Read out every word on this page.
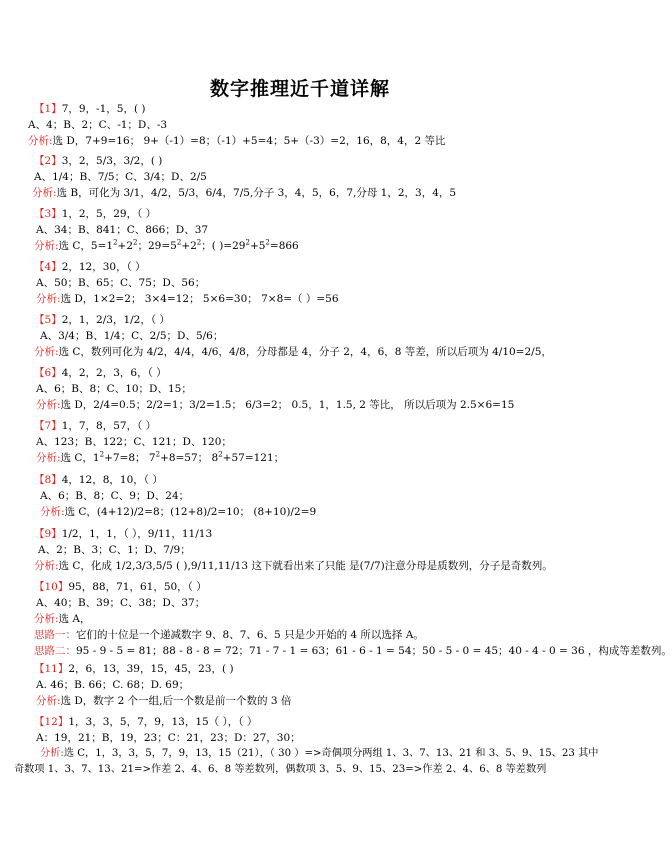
数字推理近千道详解
【1】7，9，-1，5，( )
A、4；B、2；C、-1；D、-3
分析:选 D，7+9=16； 9+（-1）=8；（-1）+5=4；5+（-3）=2，16，8，4，2 等比
【2】3，2，5/3，3/2，( )
A、1/4；B、7/5；C、3/4；D、2/5
分析:选 B，可化为 3/1，4/2，5/3，6/4，7/5,分子 3，4，5，6，7,分母 1，2，3，4，5
【3】1，2，5，29，（ ）
A、34；B、841；C、866；D、37
分析:选 C，$5=1^2+2^2$；$29=5^2+2^2$；( )$=29^2+5^2=866$
【4】2，12，30，（ ）
A、50；B、65；C、75；D、56；
分析:选 D，1×2=2； 3×4=12； 5×6=30； 7×8=（ ）=56
【5】2，1，2/3，1/2，（ ）
A、3/4；B、1/4；C、2/5；D、5/6；
分析:选 C，数列可化为 4/2，4/4，4/6，4/8，分母都是 4，分子 2，4，6，8 等差，所以后项为 4/10=2/5，
【6】4，2，2，3，6，（ ）
A、6；B、8；C、10；D、15；
分析:选 D，2/4=0.5；2/2=1；3/2=1.5； 6/3=2； 0.5，1，1.5, 2 等比， 所以后项为 2.5×6=15
【7】1，7，8，57，（ ）
A、123；B、122；C、121；D、120；
分析:选 C，$1^2+7=8$； $7^2+8=57$； $8^2+57=121$；
【8】4，12，8，10，（ ）
A、6；B、8；C、9；D、24；
分析:选 C，(4+12)/2=8；(12+8)/2=10； (8+10)/2=9
【9】1/2，1，1，（ ），9/11，11/13
A、2；B、3；C、1；D、7/9；
分析:选 C，化成 1/2,3/3,5/5 ( ),9/11,11/13 这下就看出来了只能 是(7/7)注意分母是质数列，分子是奇数列。
【10】95，88，71，61，50，（ ）
A、40；B、39；C、38；D、37；
分析:选 A，
思路一：它们的十位是一个递减数字 9、8、7、6、5 只是少开始的 4 所以选择 A。
思路二：95 - 9 - 5 = 81；88 - 8 - 8 = 72；71 - 7 - 1 = 63；61 - 6 - 1 = 54；50 - 5 - 0 = 45；40 - 4 - 0 = 36 ，构成等差数列。
【11】2，6，13，39，15，45，23，( )
A. 46；B. 66；C. 68；D. 69；
分析:选 D，数字 2 个一组,后一个数是前一个数的 3 倍
【12】1，3，3，5，7，9，13，15（ ），（ ）
A：19，21；B，19，23；C：21，23；D：27，30；
分析:选 C，1，3，3，5，7，9，13，15（21），（ 30 ）=>奇偶项分两组 1、3、7、13、21 和 3、5、9、15、23 其中
奇数项 1、3、7、13、21=>作差 2、4、6、8 等差数列，偶数项 3、5、9、15、23=>作差 2、4、6、8 等差数列
